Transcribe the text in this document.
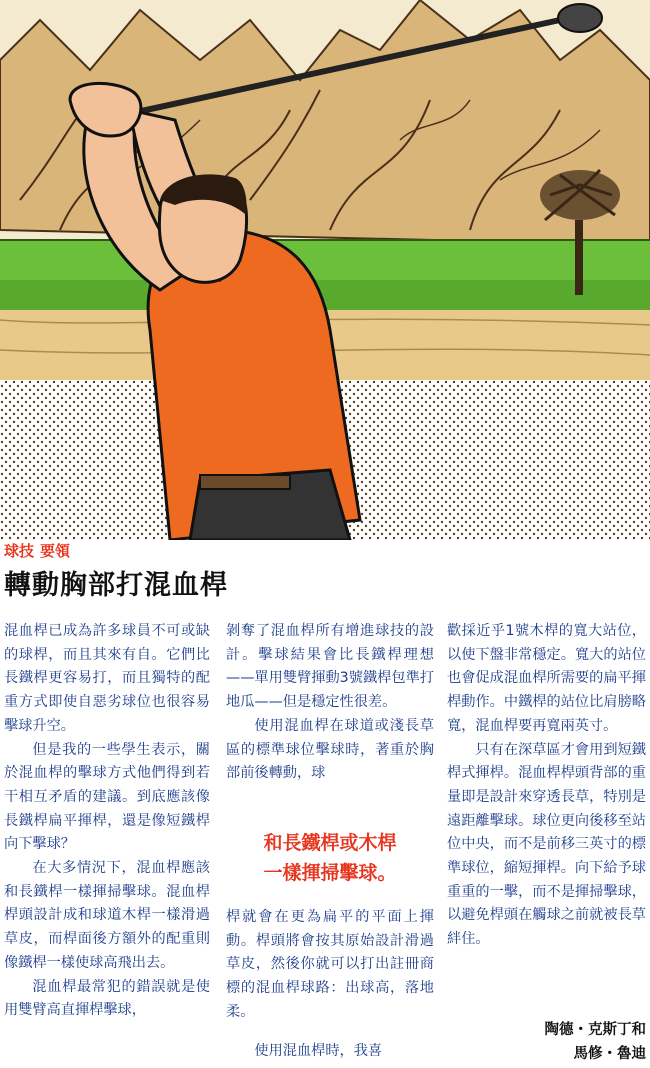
球技 要領
轉動胸部打混血桿

混血桿已成為許多球員不可或缺的球桿，而且其來有自。它們比長鐵桿更容易打，而且獨特的配重方式即使自惡劣球位也很容易擊球升空。

但是我的一些學生表示，關於混血桿的擊球方式他們得到若干相互矛盾的建議。到底應該像長鐵桿扁平揮桿，還是像短鐵桿向下擊球？

在大多情況下，混血桿應該和長鐵桿一樣揮掃擊球。混血桿桿頭設計成和球道木桿一樣滑過草皮，而桿面後方額外的配重則像鐵桿一樣使球高飛出去。

混血桿最常犯的錯誤就是使用雙臂高直揮桿擊球，

剝奪了混血桿所有增進球技的設計。擊球結果會比長鐵桿理想——單用雙臂揮動3號鐵桿包準打地瓜——但是穩定性很差。

使用混血桿在球道或淺長草區的標準球位擊球時，著重於胸部前後轉動，球

和長鐵桿或木桿
一樣揮掃擊球。

桿就會在更為扁平的平面上揮動。桿頭將會按其原始設計滑過草皮，然後你就可以打出註冊商標的混血桿球路：出球高，落地柔。

使用混血桿時，我喜

歡採近乎1號木桿的寬大站位，以使下盤非常穩定。寬大的站位也會促成混血桿所需要的扁平揮桿動作。中鐵桿的站位比肩膀略寬，混血桿要再寬兩英寸。

只有在深草區才會用到短鐵桿式揮桿。混血桿桿頭背部的重量即是設計來穿透長草，特別是遠距離擊球。球位更向後移至站位中央，而不是前移三英寸的標準球位，縮短揮桿。向下給予球重重的一擊，而不是揮掃擊球，以避免桿頭在觸球之前就被長草絆住。

陶德・克斯丁和
馬修・魯迪
